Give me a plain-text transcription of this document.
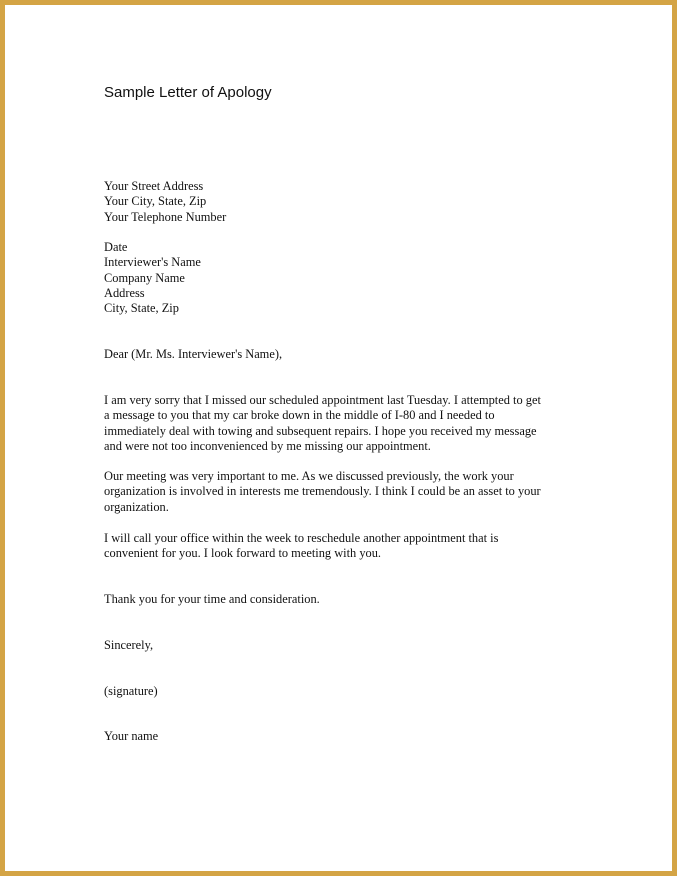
Sample Letter of Apology
Your Street Address
Your City, State, Zip
Your Telephone Number
Date
Interviewer's Name
Company Name
Address
City, State, Zip
Dear (Mr. Ms. Interviewer's Name),
I am very sorry that I missed our scheduled appointment last Tuesday. I attempted to get
a message to you that my car broke down in the middle of I-80 and I needed to
immediately deal with towing and subsequent repairs. I hope you received my message
and were not too inconvenienced by me missing our appointment.
Our meeting was very important to me. As we discussed previously, the work your
organization is involved in interests me tremendously. I think I could be an asset to your
organization.
I will call your office within the week to reschedule another appointment that is
convenient for you. I look forward to meeting with you.
Thank you for your time and consideration.
Sincerely,
(signature)
Your name
